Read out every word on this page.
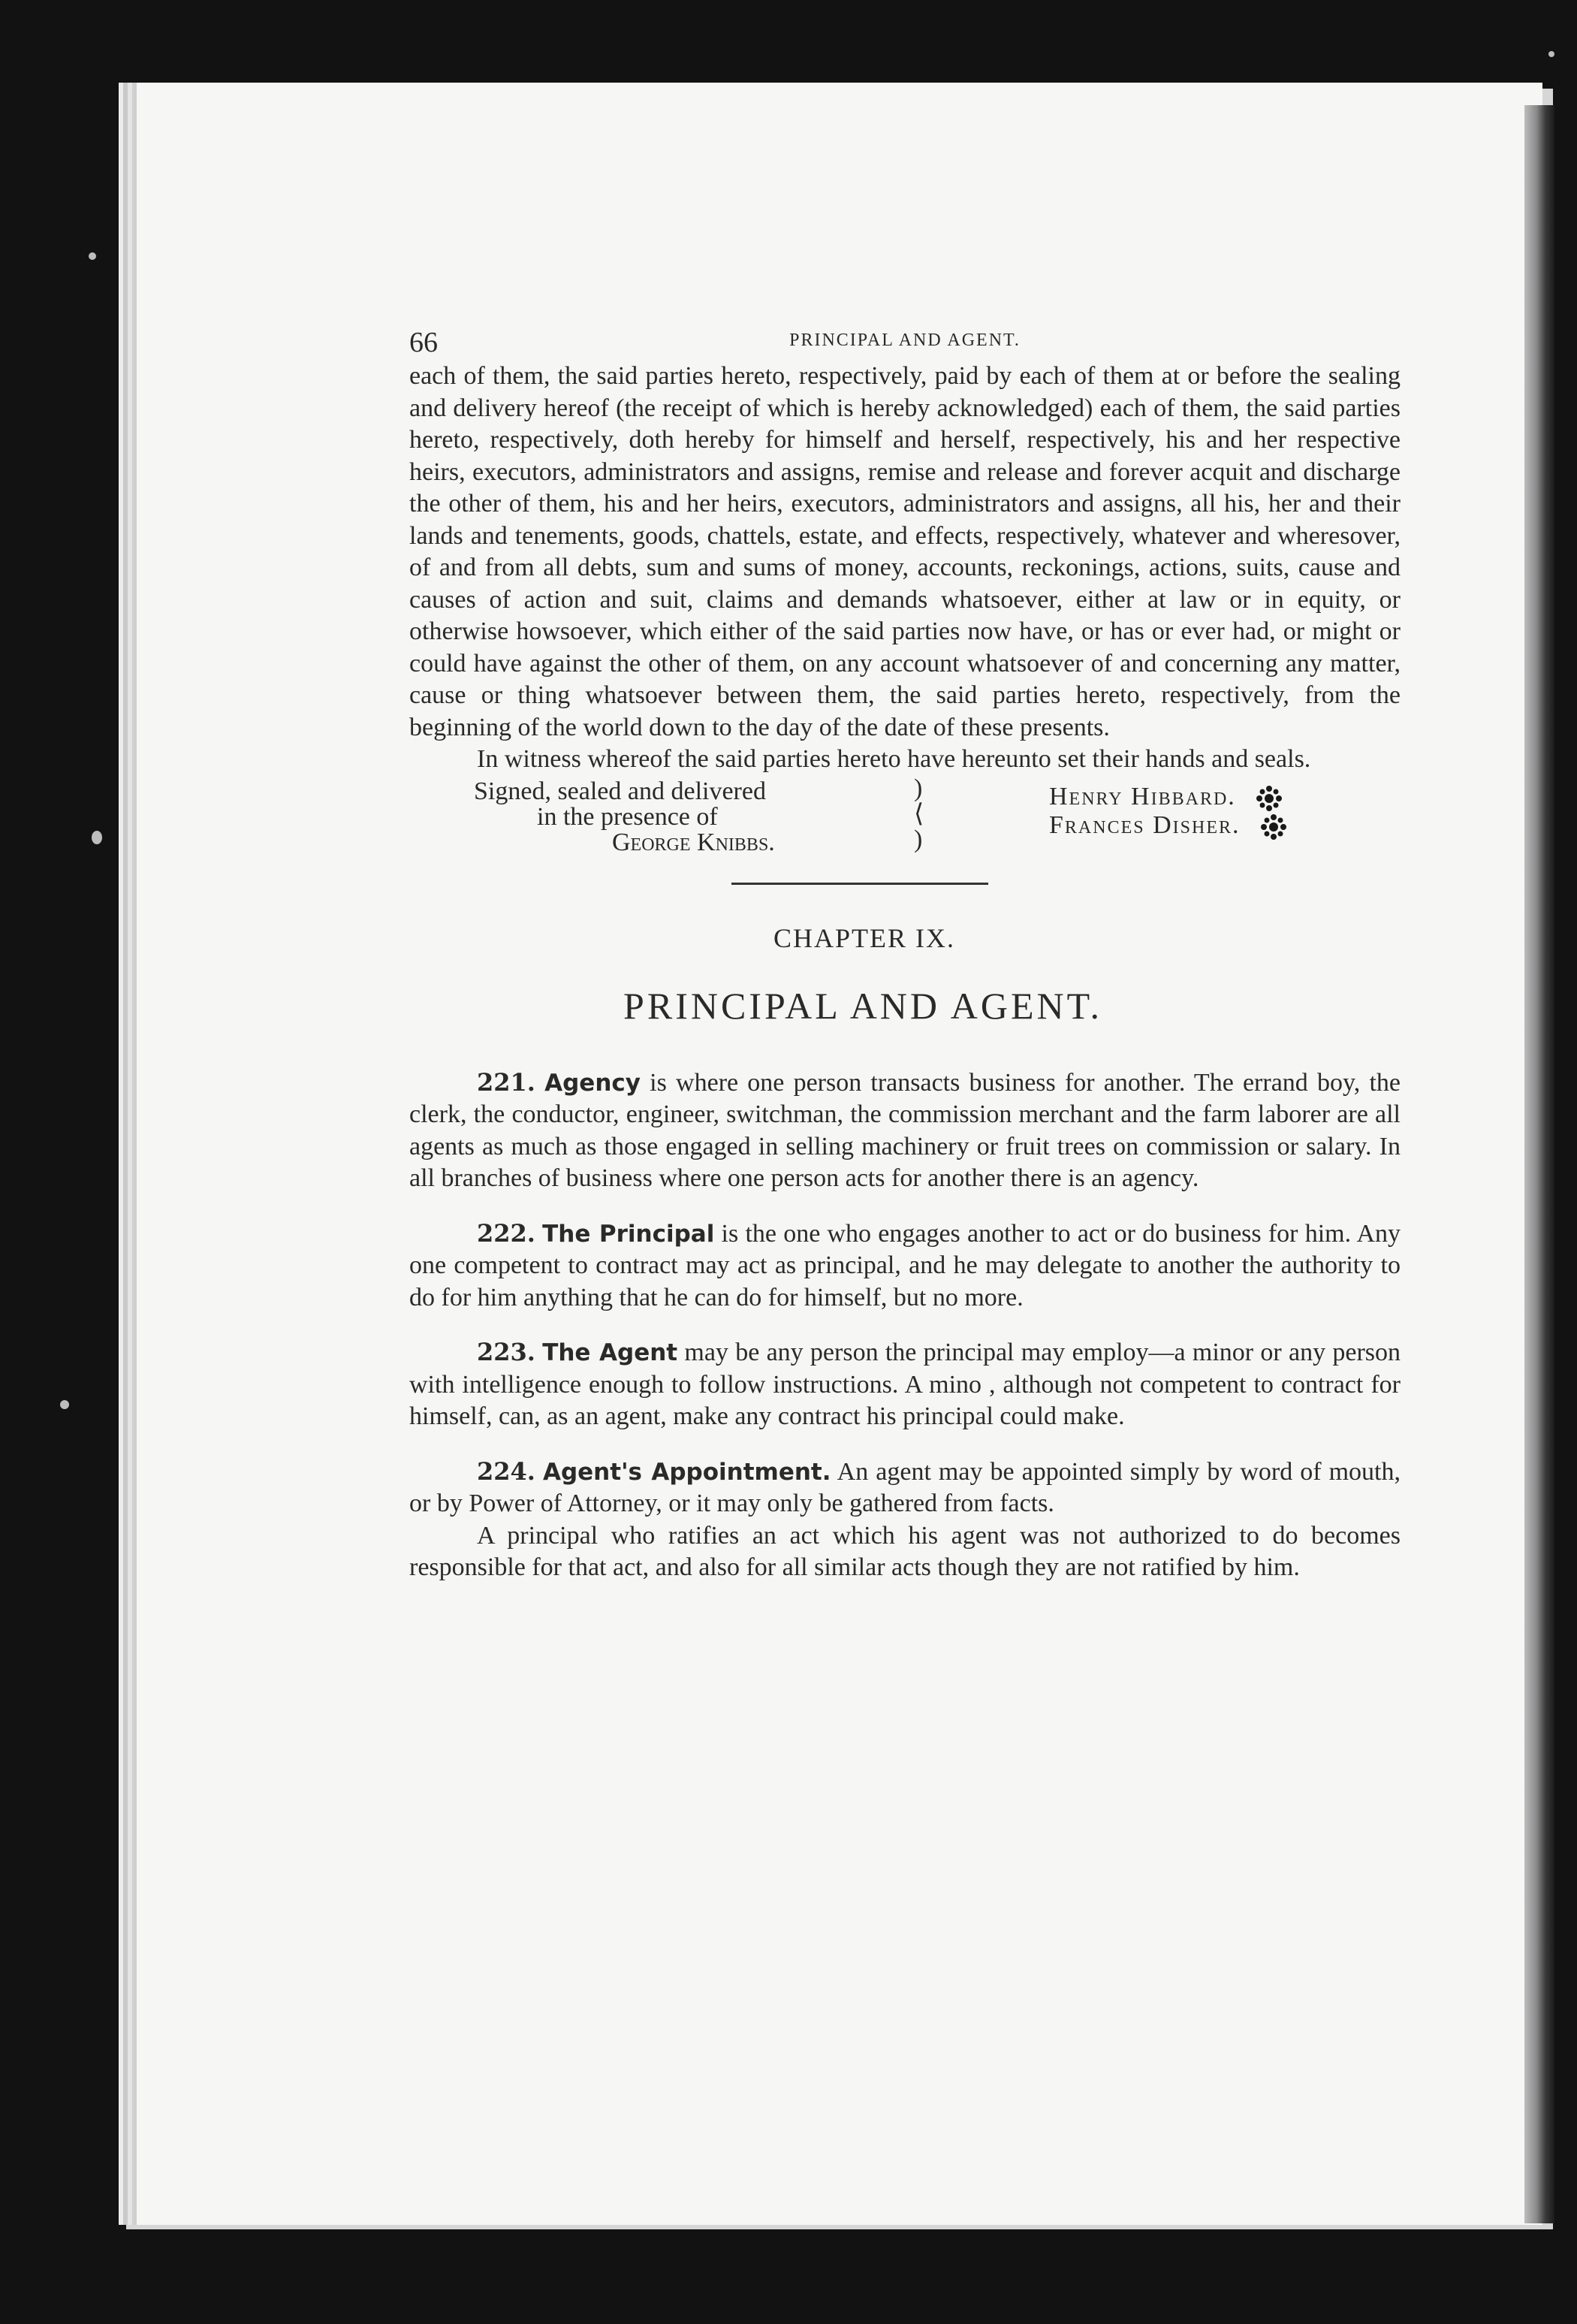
66	PRINCIPAL AND AGENT.

each of them, the said parties hereto, respectively, paid by each of them at or before the sealing and delivery hereof (the receipt of which is hereby acknowledged) each of them, the said parties hereto, respectively, doth hereby for himself and herself, respectively, his and her respective heirs, executors, administrators and assigns, remise and release and forever acquit and discharge the other of them, his and her heirs, executors, administrators and assigns, all his, her and their lands and tenements, goods, chattels, estate, and effects, respectively, whatever and wheresover, of and from all debts, sum and sums of money, accounts, reckonings, actions, suits, cause and causes of action and suit, claims and demands whatsoever, either at law or in equity, or otherwise howsoever, which either of the said parties now have, or has or ever had, or might or could have against the other of them, on any account whatsoever of and concerning any matter, cause or thing whatsoever between them, the said parties hereto, respectively, from the beginning of the world down to the day of the date of these presents.

In witness whereof the said parties hereto have hereunto set their hands and seals.

Signed, sealed and delivered
in the presence of
George Knibbs.
)
⟨
)
Henry Hibbard.
Frances Disher.
CHAPTER IX.
PRINCIPAL AND AGENT.

221. Agency is where one person transacts business for another. The errand boy, the clerk, the conductor, engineer, switchman, the commission merchant and the farm laborer are all agents as much as those engaged in selling machinery or fruit trees on commission or salary. In all branches of business where one person acts for another there is an agency.

222. The Principal is the one who engages another to act or do business for him. Any one competent to contract may act as principal, and he may delegate to another the authority to do for him anything that he can do for himself, but no more.

223. The Agent may be any person the principal may employ—a minor or any person with intelligence enough to follow instructions. A mino , although not competent to contract for himself, can, as an agent, make any contract his principal could make.

224. Agent's Appointment. An agent may be appointed simply by word of mouth, or by Power of Attorney, or it may only be gathered from facts.

A principal who ratifies an act which his agent was not authorized to do becomes responsible for that act, and also for all similar acts though they are not ratified by him.
